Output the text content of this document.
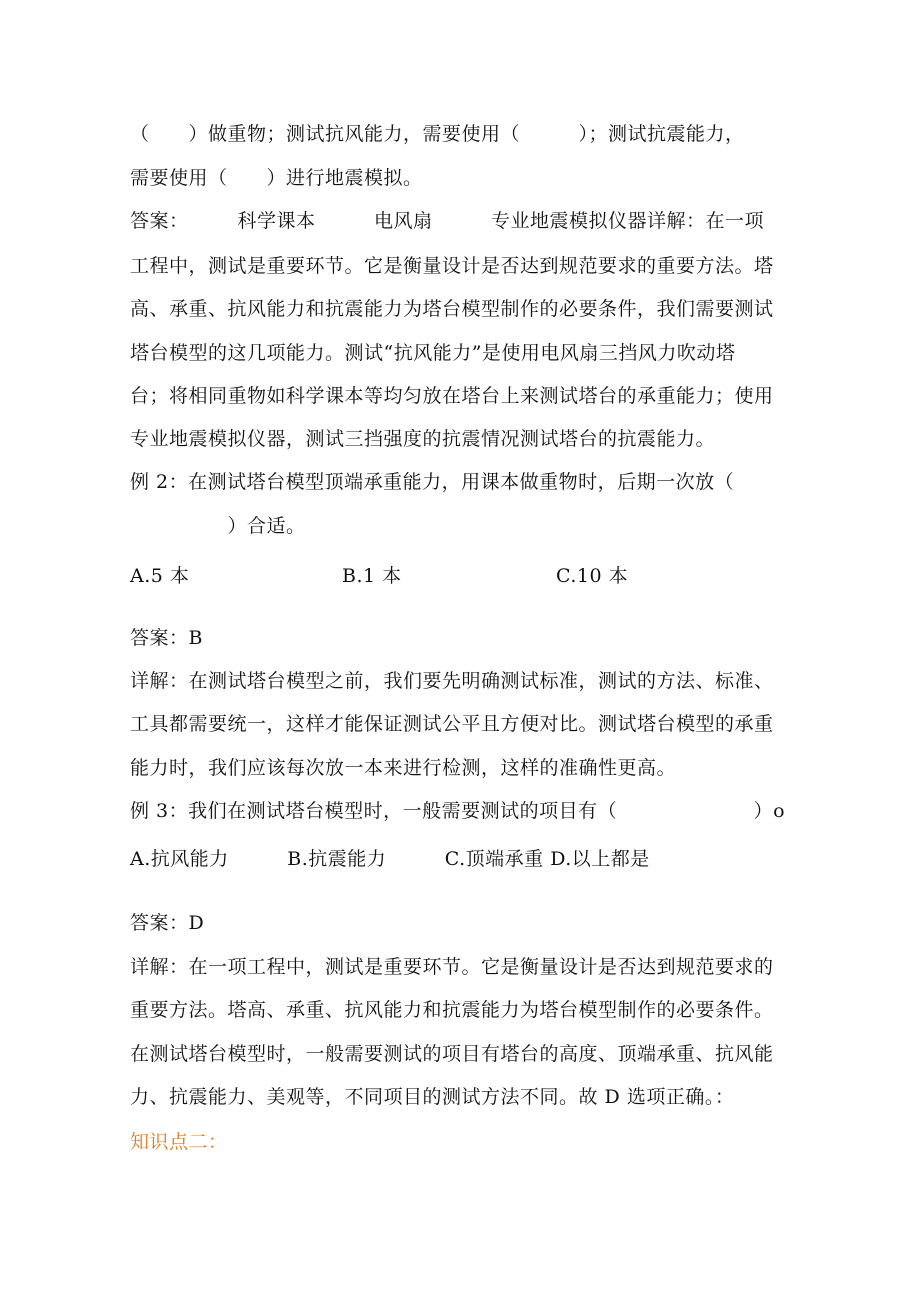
（　　）做重物；测试抗风能力，需要使用（　　　）；测试抗震能力，
需要使用（　　）进行地震模拟。
答案：　　　科学课本　　　电风扇　　　专业地震模拟仪器详解：在一项
工程中，测试是重要环节。它是衡量设计是否达到规范要求的重要方法。塔
高、承重、抗风能力和抗震能力为塔台模型制作的必要条件，我们需要测试
塔台模型的这几项能力。测试“抗风能力”是使用电风扇三挡风力吹动塔
台；将相同重物如科学课本等均匀放在塔台上来测试塔台的承重能力；使用
专业地震模拟仪器，测试三挡强度的抗震情况测试塔台的抗震能力。
例 2：在测试塔台模型顶端承重能力，用课本做重物时，后期一次放（
　　　　　）合适。
A.5 本	B.1 本	C.10 本
答案：B
详解：在测试塔台模型之前，我们要先明确测试标准，测试的方法、标准、
工具都需要统一，这样才能保证测试公平且方便对比。测试塔台模型的承重
能力时，我们应该每次放一本来进行检测，这样的准确性更高。
例 3：我们在测试塔台模型时，一般需要测试的项目有（　　　　　　　）o
A.抗风能力　　　B.抗震能力　　　C.顶端承重 D.以上都是
答案：D
详解：在一项工程中，测试是重要环节。它是衡量设计是否达到规范要求的
重要方法。塔高、承重、抗风能力和抗震能力为塔台模型制作的必要条件。
在测试塔台模型时，一般需要测试的项目有塔台的高度、顶端承重、抗风能
力、抗震能力、美观等，不同项目的测试方法不同。故 D 选项正确。：
知识点二：
